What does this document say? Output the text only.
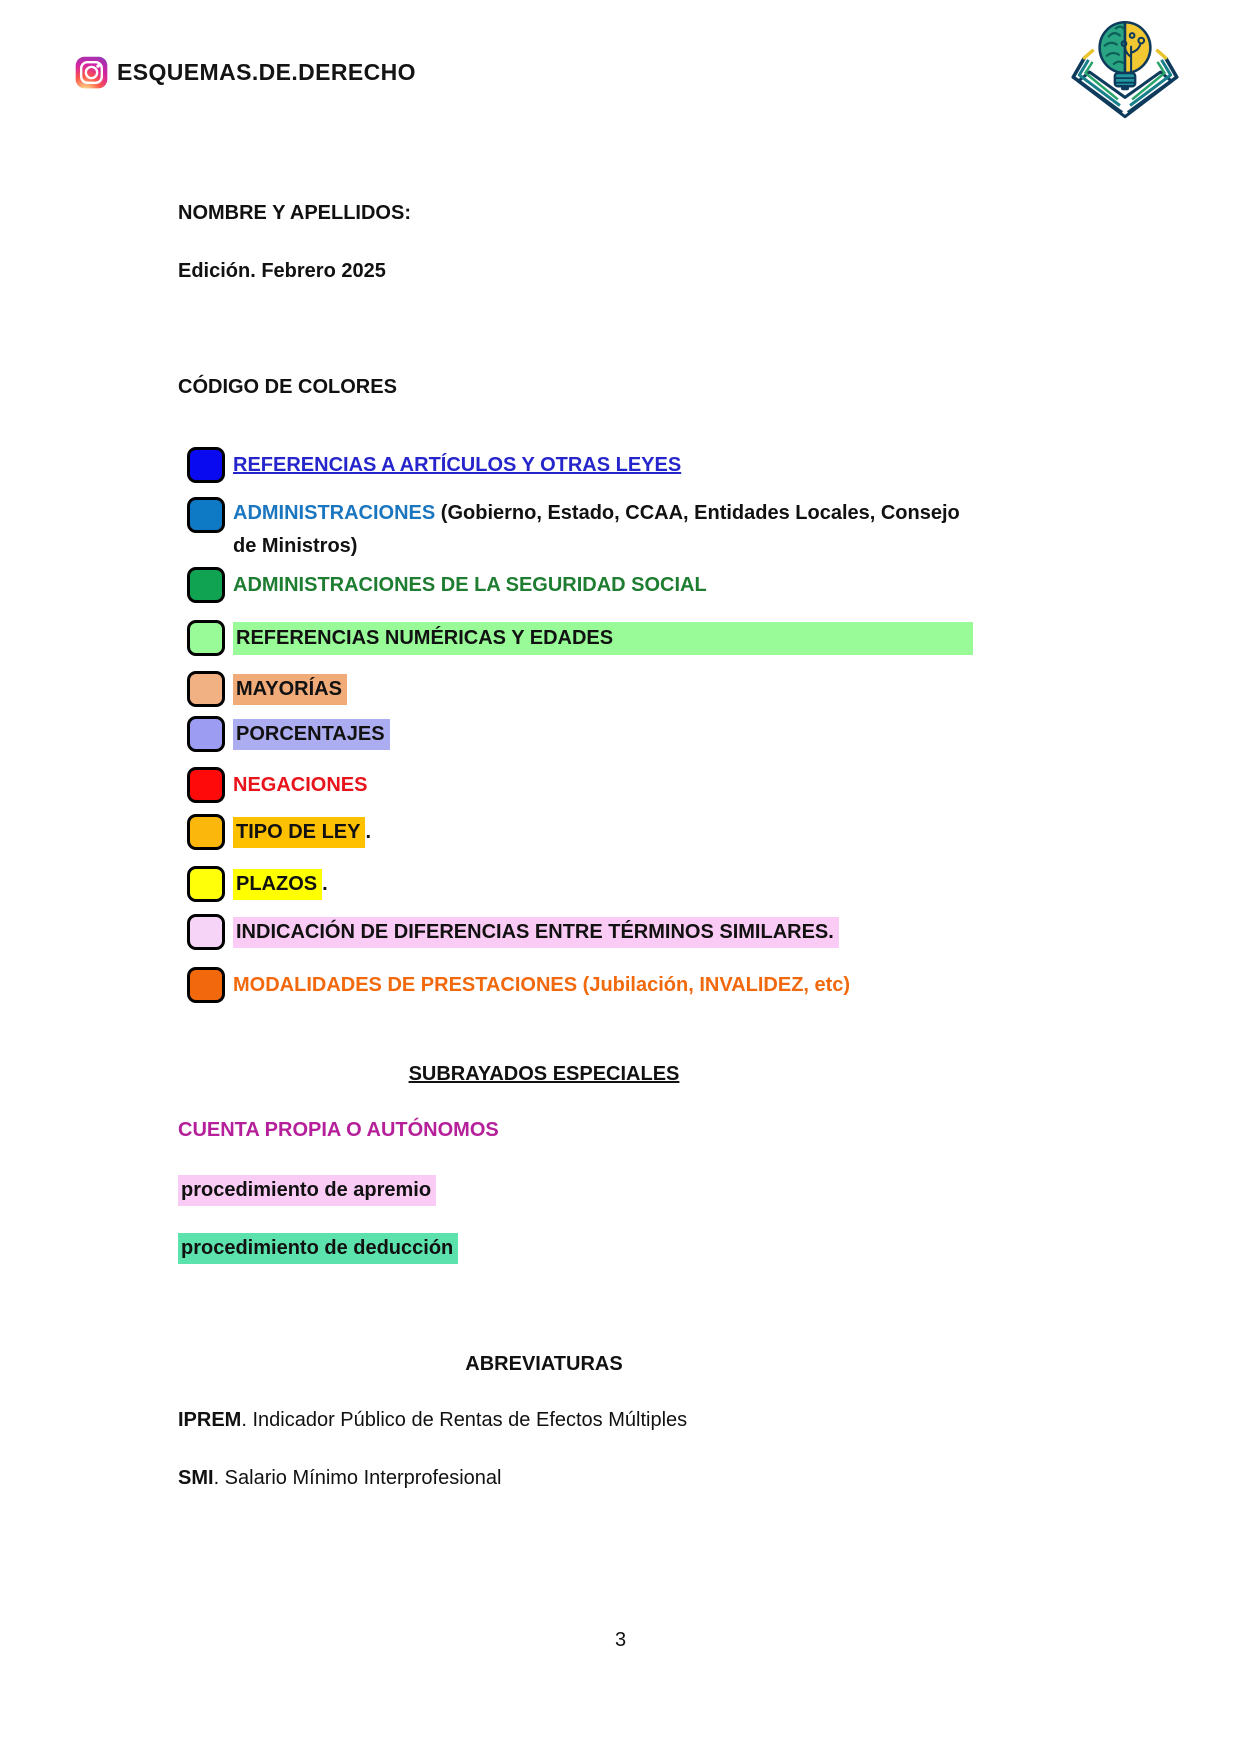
ESQUEMAS.DE.DERECHO
NOMBRE Y APELLIDOS:
Edición. Febrero 2025
CÓDIGO DE COLORES
REFERENCIAS A ARTÍCULOS Y OTRAS LEYES
ADMINISTRACIONES (Gobierno, Estado, CCAA, Entidades Locales, Consejo
de Ministros)
ADMINISTRACIONES DE LA SEGURIDAD SOCIAL
REFERENCIAS NUMÉRICAS Y EDADES
MAYORÍAS
PORCENTAJES
NEGACIONES
TIPO DE LEY .
PLAZOS .
INDICACIÓN DE DIFERENCIAS ENTRE TÉRMINOS SIMILARES.
MODALIDADES DE PRESTACIONES (Jubilación, INVALIDEZ, etc)
SUBRAYADOS ESPECIALES
CUENTA PROPIA O AUTÓNOMOS
procedimiento de apremio
procedimiento de deducción
ABREVIATURAS
IPREM. Indicador Público de Rentas de Efectos Múltiples
SMI. Salario Mínimo Interprofesional
3
